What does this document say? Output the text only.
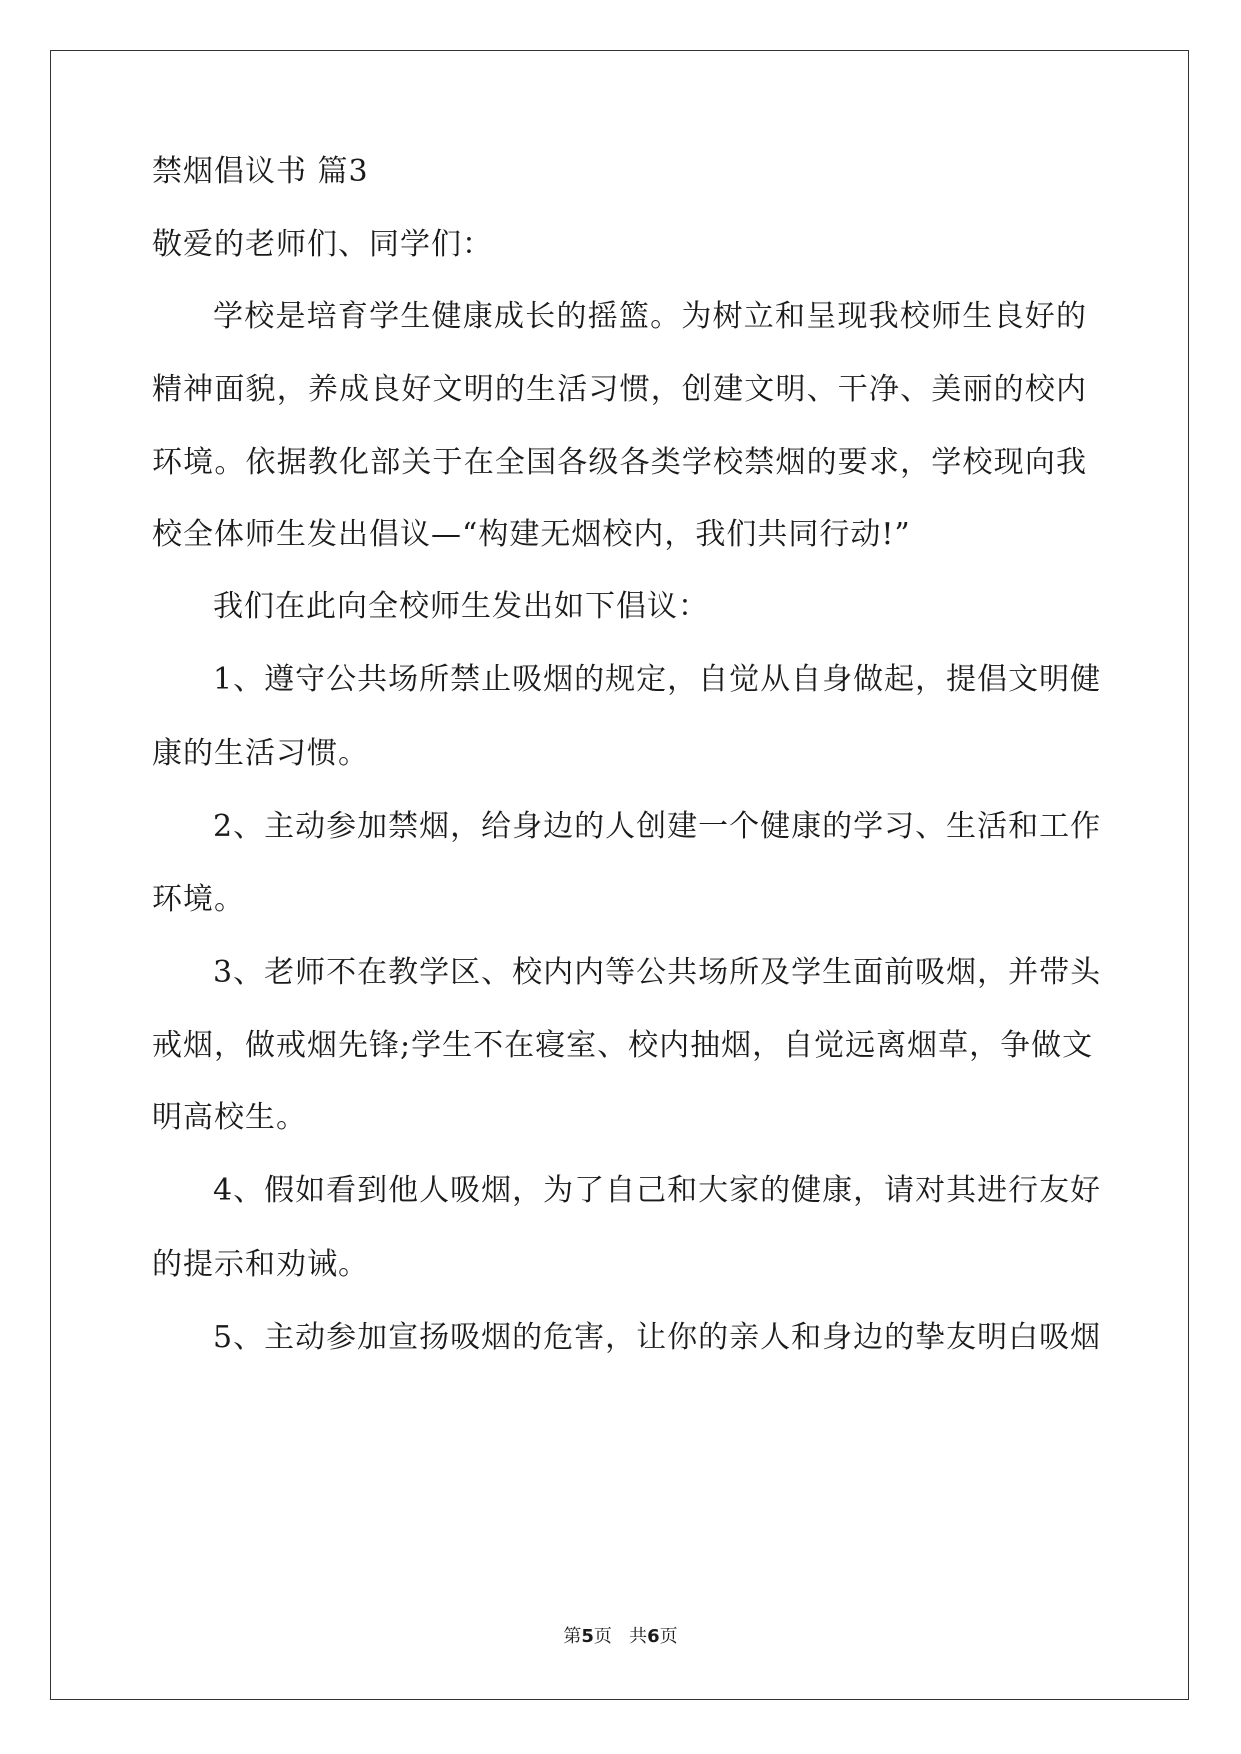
禁烟倡议书 篇3
敬爱的老师们、同学们：
学校是培育学生健康成长的摇篮。为树立和呈现我校师生良好的
精神面貌，养成良好文明的生活习惯，创建文明、干净、美丽的校内
环境。依据教化部关于在全国各级各类学校禁烟的要求，学校现向我
校全体师生发出倡议—“构建无烟校内，我们共同行动!”
我们在此向全校师生发出如下倡议：
1、遵守公共场所禁止吸烟的规定，自觉从自身做起，提倡文明健
康的生活习惯。
2、主动参加禁烟，给身边的人创建一个健康的学习、生活和工作
环境。
3、老师不在教学区、校内内等公共场所及学生面前吸烟，并带头
戒烟，做戒烟先锋;学生不在寝室、校内抽烟，自觉远离烟草，争做文
明高校生。
4、假如看到他人吸烟，为了自己和大家的健康，请对其进行友好
的提示和劝诫。
5、主动参加宣扬吸烟的危害，让你的亲人和身边的挚友明白吸烟
第5页   共6页
